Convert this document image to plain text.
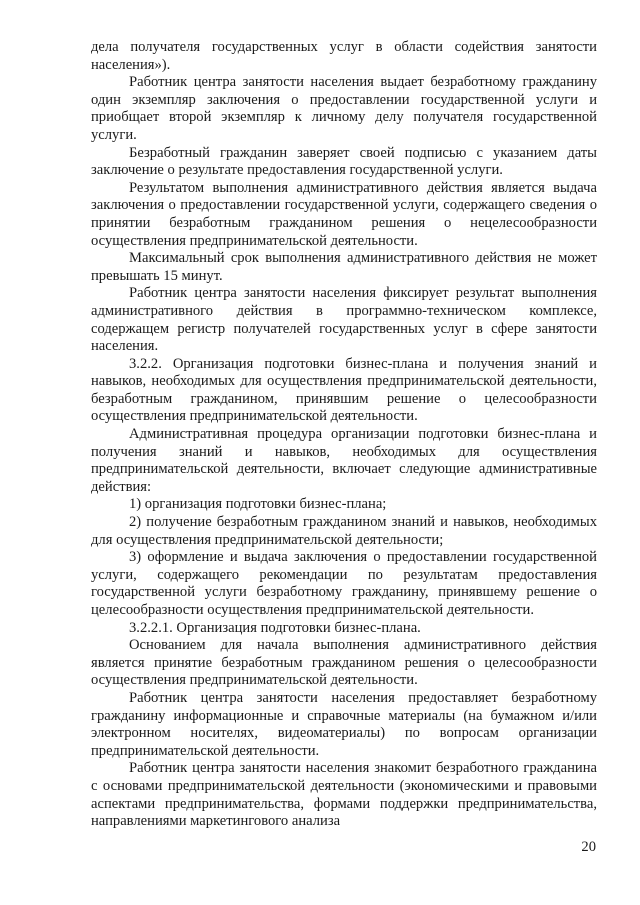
дела получателя государственных услуг в области содействия занятости населения»).

Работник центра занятости населения выдает безработному гражданину один экземпляр заключения о предоставлении государственной услуги и приобщает второй экземпляр к личному делу получателя государственной услуги.

Безработный гражданин заверяет своей подписью с указанием даты заключение о результате предоставления государственной услуги.

Результатом выполнения административного действия является выдача заключения о предоставлении государственной услуги, содержащего сведения о принятии безработным гражданином решения о нецелесообразности осуществления предпринимательской деятельности.

Максимальный срок выполнения административного действия не может превышать 15 минут.

Работник центра занятости населения фиксирует результат выполнения административного действия в программно-техническом комплексе, содержащем регистр получателей государственных услуг в сфере занятости населения.

3.2.2. Организация подготовки бизнес-плана и получения знаний и навыков, необходимых для осуществления предпринимательской деятельности, безработным гражданином, принявшим решение о целесообразности осуществления предпринимательской деятельности.

Административная процедура организации подготовки бизнес-плана и получения знаний и навыков, необходимых для осуществления предпринимательской деятельности, включает следующие административные действия:

1) организация подготовки бизнес-плана;

2) получение безработным гражданином знаний и навыков, необходимых для осуществления предпринимательской деятельности;

3) оформление и выдача заключения о предоставлении государственной услуги, содержащего рекомендации по результатам предоставления государственной услуги безработному гражданину, принявшему решение о целесообразности осуществления предпринимательской деятельности.

3.2.2.1. Организация подготовки бизнес-плана.

Основанием для начала выполнения административного действия является принятие безработным гражданином решения о целесообразности осуществления предпринимательской деятельности.

Работник центра занятости населения предоставляет безработному гражданину информационные и справочные материалы (на бумажном и/или электронном носителях, видеоматериалы) по вопросам организации предпринимательской деятельности.

Работник центра занятости населения знакомит безработного гражданина с основами предпринимательской деятельности (экономическими и правовыми аспектами предпринимательства, формами поддержки предпринимательства, направлениями маркетингового анализа

20
